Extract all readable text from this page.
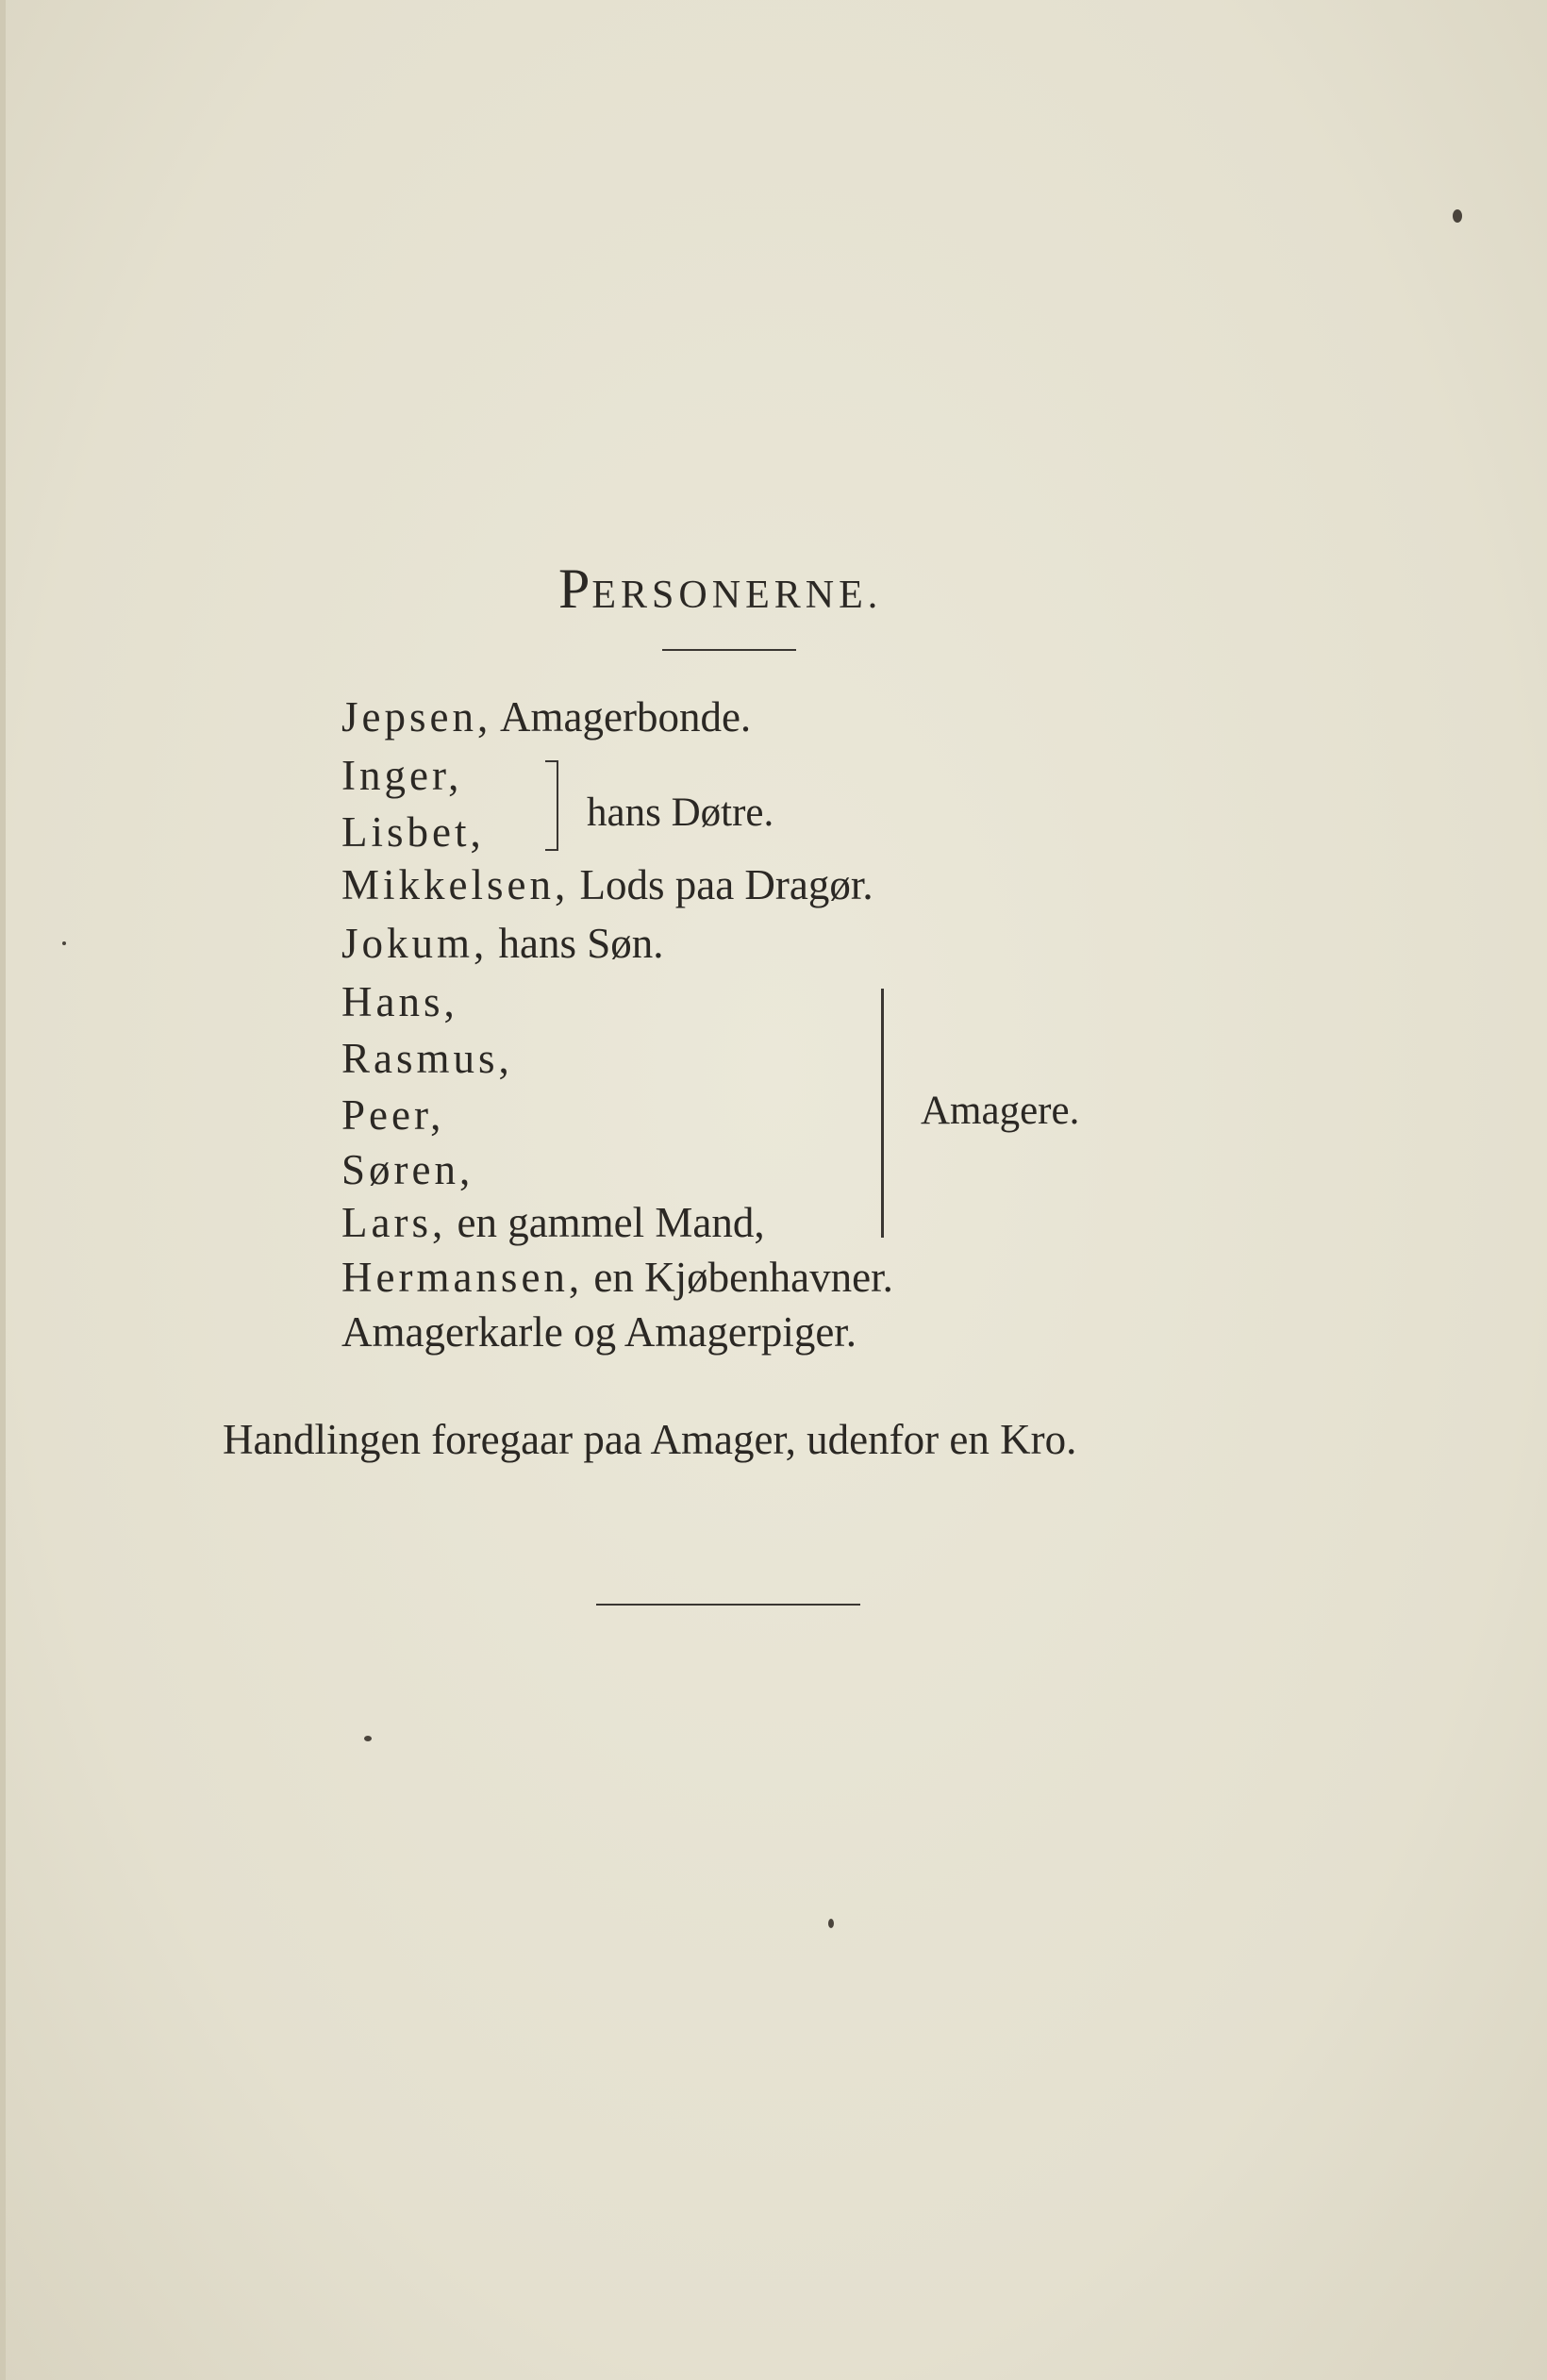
PERSONERNE.
Jepsen, Amagerbonde.
Inger,
Lisbet,	hans Døtre.
Mikkelsen, Lods paa Dragør.
Jokum, hans Søn.
Hans,
Rasmus,
Peer,
Søren,
Lars, en gammel Mand,
Amagere.
Hermansen, en Kjøbenhavner.
Amagerkarle og Amagerpiger.
Handlingen foregaar paa Amager, udenfor en Kro.
